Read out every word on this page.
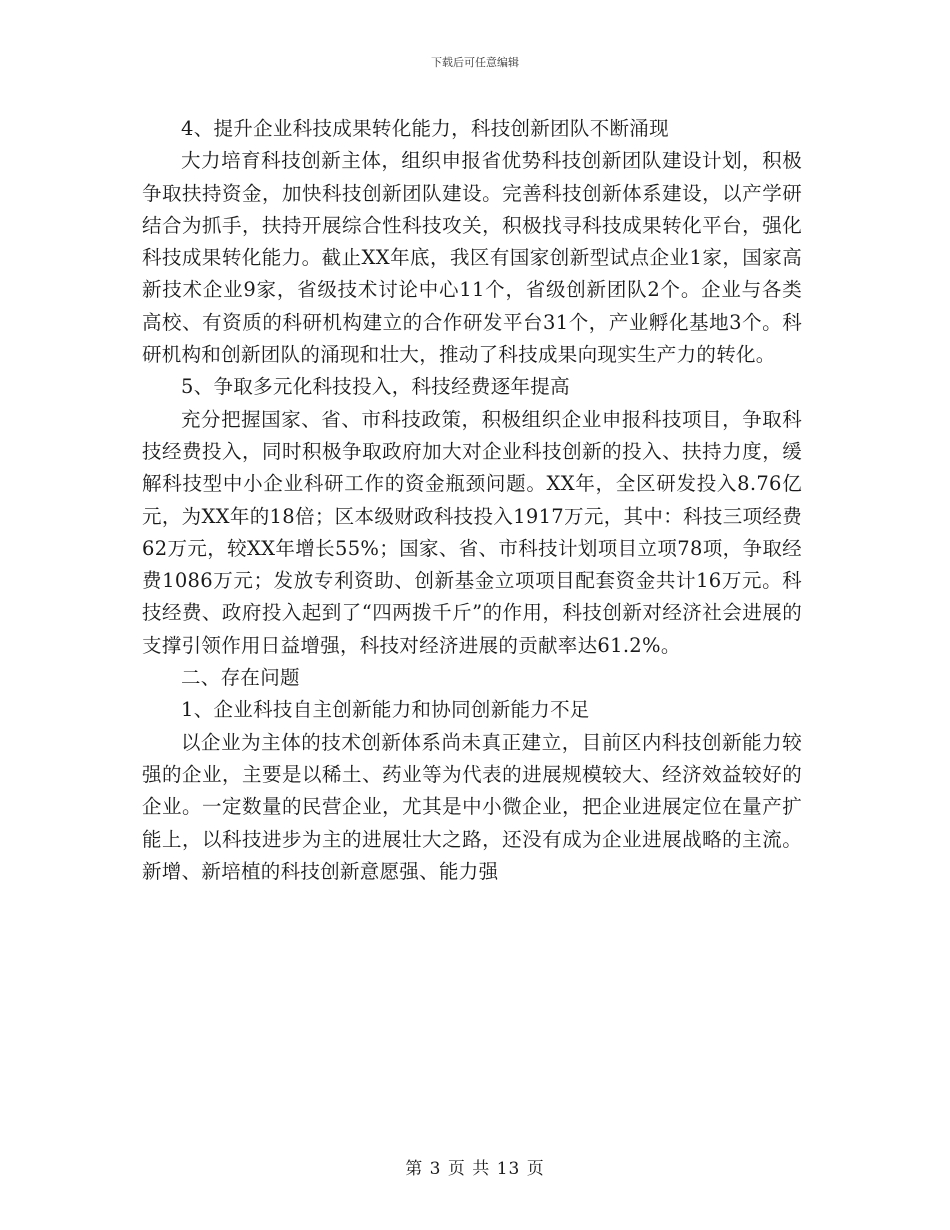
下载后可任意编辑

4、提升企业科技成果转化能力，科技创新团队不断涌现

大力培育科技创新主体，组织申报省优势科技创新团队建设计划，积极争取扶持资金，加快科技创新团队建设。完善科技创新体系建设，以产学研结合为抓手，扶持开展综合性科技攻关，积极找寻科技成果转化平台，强化科技成果转化能力。截止XX年底，我区有国家创新型试点企业1家，国家高新技术企业9家，省级技术讨论中心11个，省级创新团队2个。企业与各类高校、有资质的科研机构建立的合作研发平台31个，产业孵化基地3个。科研机构和创新团队的涌现和壮大，推动了科技成果向现实生产力的转化。

5、争取多元化科技投入，科技经费逐年提高

充分把握国家、省、市科技政策，积极组织企业申报科技项目，争取科技经费投入，同时积极争取政府加大对企业科技创新的投入、扶持力度，缓解科技型中小企业科研工作的资金瓶颈问题。XX年，全区研发投入8.76亿元，为XX年的18倍；区本级财政科技投入1917万元，其中：科技三项经费62万元，较XX年增长55%；国家、省、市科技计划项目立项78项，争取经费1086万元；发放专利资助、创新基金立项项目配套资金共计16万元。科技经费、政府投入起到了“四两拨千斤”的作用，科技创新对经济社会进展的支撑引领作用日益增强，科技对经济进展的贡献率达61.2%。

二、存在问题

1、企业科技自主创新能力和协同创新能力不足

以企业为主体的技术创新体系尚未真正建立，目前区内科技创新能力较强的企业，主要是以稀土、药业等为代表的进展规模较大、经济效益较好的企业。一定数量的民营企业，尤其是中小微企业，把企业进展定位在量产扩能上，以科技进步为主的进展壮大之路，还没有成为企业进展战略的主流。新增、新培植的科技创新意愿强、能力强

第 3 页 共 13 页
